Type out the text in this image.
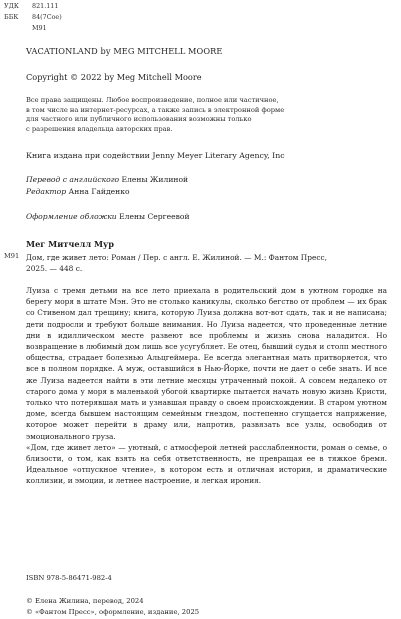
УДК	821.111
ББК	84(7Сое)
M91
VACATIONLAND by MEG MITCHELL MOORE
Copyright © 2022 by Meg Mitchell Moore
Все права защищены. Любое воспроизведение, полное или частичное,
в том числе на интернет-ресурсах, а также запись в электронной форме
для частного или публичного использования возможны только
с разрешения владельца авторских прав.
Книга издана при содействии Jenny Meyer Literary Agency, Inc
Перевод с английского Елены Жилиной
Редактор Анна Гайденко
Оформление обложки Елены Сергеевой
Мег Митчелл Мур
M91 Дом, где живет лето: Роман / Пер. с англ. Е. Жилиной. — М.: Фантом Пресс,
2025. — 448 с.

Луиза с тремя детьми на все лето приехала в родительский дом в уютном городке на берегу моря в штате Мэн. Это не столько каникулы, сколько бегство от проблем — их брак со Стивеном дал трещину; книга, которую Луиза должна вот-вот сдать, так и не написана; дети подросли и требуют больше внимания. Но Луиза надеется, что проведенные летние дни в идиллическом месте развеют все проблемы и жизнь снова наладится. Но возвращение в любимый дом лишь все усугубляет. Ее отец, бывший судья и столп местного общества, страдает болезнью Альцгеймера. Ее всегда элегантная мать притворяется, что все в полном порядке. А муж, оставшийся в Нью-Йорке, почти не дает о себе знать. И все же Луиза надеется найти в эти летние месяцы утраченный покой. А совсем недалеко от старого дома у моря в маленькой убогой квартирке пытается начать новую жизнь Кристи, только что потерявшая мать и узнавшая правду о своем происхождении. В старом уютном доме, всегда бывшем настоящим семейным гнездом, постепенно сгущается напряжение, которое может перейти в драму или, напротив, развязать все узлы, освободив от эмоционального груза.

«Дом, где живет лето» — уютный, с атмосферой летней расслабленности, роман о семье, о близости, о том, как взять на себя ответственность, не превращая ее в тяжкое бремя. Идеальное «отпускное чтение», в котором есть и отличная история, и драматические коллизии, и эмоции, и летнее настроение, и легкая ирония.

ISBN 978-5-86471-982-4
© Елена Жилина, перевод, 2024
© «Фантом Пресс», оформление, издание, 2025
